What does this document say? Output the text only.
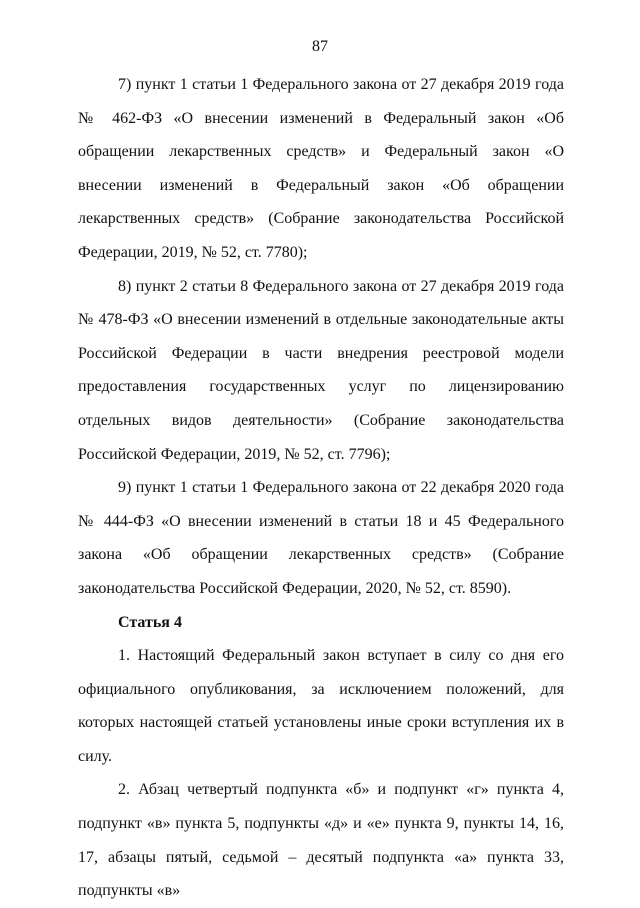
87

7) пункт 1 статьи 1 Федерального закона от 27 декабря 2019 года № 462-ФЗ «О внесении изменений в Федеральный закон «Об обращении лекарственных средств» и Федеральный закон «О внесении изменений в Федеральный закон «Об обращении лекарственных средств» (Собрание законодательства Российской Федерации, 2019, № 52, ст. 7780);

8) пункт 2 статьи 8 Федерального закона от 27 декабря 2019 года № 478-ФЗ «О внесении изменений в отдельные законодательные акты Российской Федерации в части внедрения реестровой модели предоставления государственных услуг по лицензированию отдельных видов деятельности» (Собрание законодательства Российской Федерации, 2019, № 52, ст. 7796);

9) пункт 1 статьи 1 Федерального закона от 22 декабря 2020 года № 444-ФЗ «О внесении изменений в статьи 18 и 45 Федерального закона «Об обращении лекарственных средств» (Собрание законодательства Российской Федерации, 2020, № 52, ст. 8590).

Статья 4

1. Настоящий Федеральный закон вступает в силу со дня его официального опубликования, за исключением положений, для которых настоящей статьей установлены иные сроки вступления их в силу.

2. Абзац четвертый подпункта «б» и подпункт «г» пункта 4, подпункт «в» пункта 5, подпункты «д» и «е» пункта 9, пункты 14, 16, 17, абзацы пятый, седьмой – десятый подпункта «а» пункта 33, подпункты «в»
